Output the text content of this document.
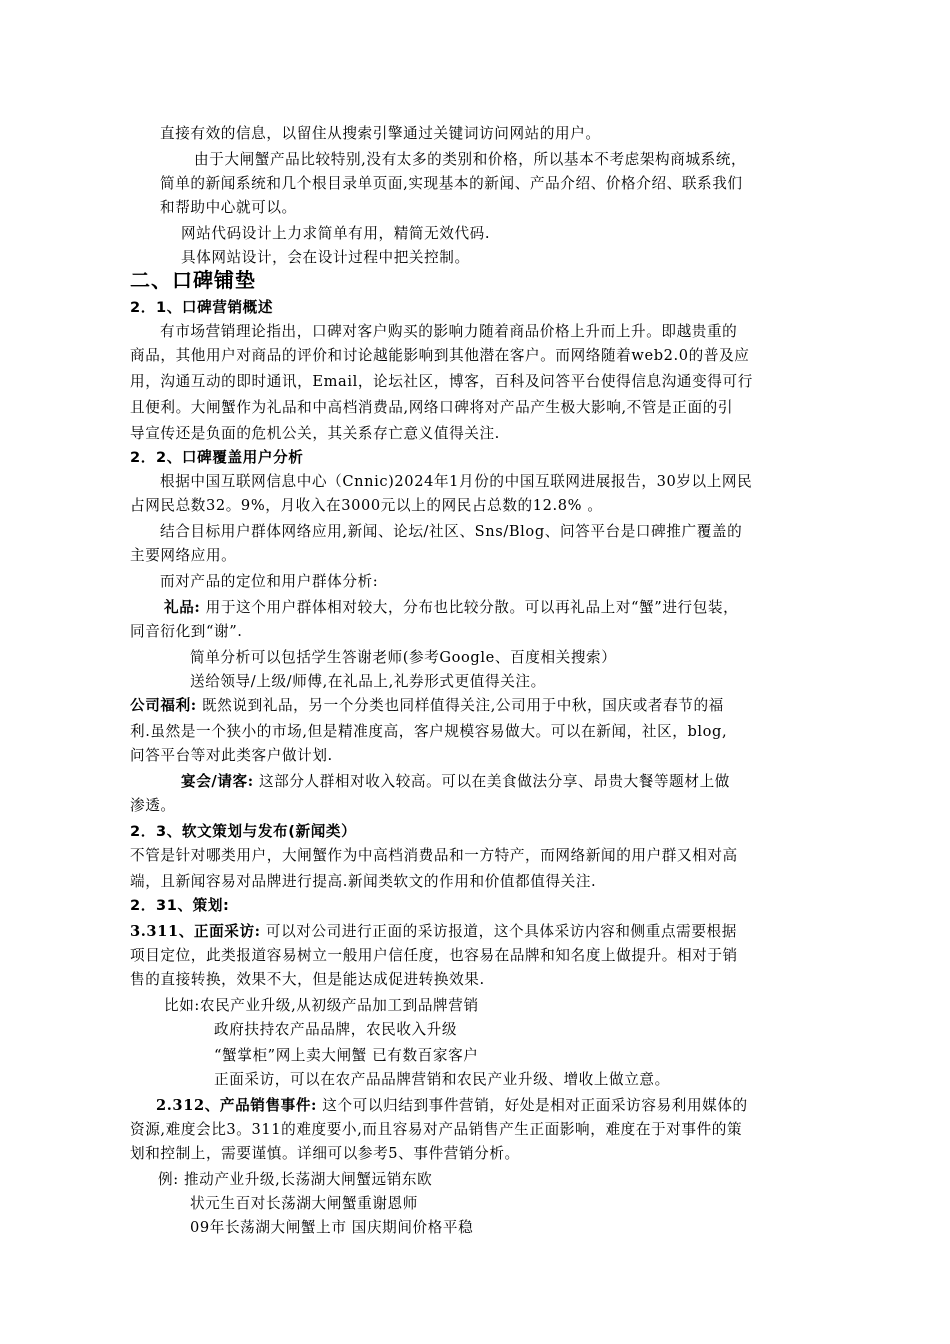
直接有效的信息，以留住从搜索引擎通过关键词访问网站的用户。
由于大闸蟹产品比较特别,没有太多的类别和价格，所以基本不考虑架构商城系统，
简单的新闻系统和几个根目录单页面,实现基本的新闻、产品介绍、价格介绍、联系我们
和帮助中心就可以。
网站代码设计上力求简单有用，精简无效代码.
具体网站设计，会在设计过程中把关控制。
二、口碑铺垫
2．1、口碑营销概述
有市场营销理论指出，口碑对客户购买的影响力随着商品价格上升而上升。即越贵重的
商品，其他用户对商品的评价和讨论越能影响到其他潜在客户。而网络随着web2.0的普及应
用，沟通互动的即时通讯，Email，论坛社区，博客，百科及问答平台使得信息沟通变得可行
且便利。大闸蟹作为礼品和中高档消费品,网络口碑将对产品产生极大影响,不管是正面的引
导宣传还是负面的危机公关，其关系存亡意义值得关注.
2．2、口碑覆盖用户分析
根据中国互联网信息中心（Cnnic)2024年1月份的中国互联网进展报告，30岁以上网民
占网民总数32。9%，月收入在3000元以上的网民占总数的12.8% 。
结合目标用户群体网络应用,新闻、论坛/社区、Sns/Blog、问答平台是口碑推广覆盖的
主要网络应用。
而对产品的定位和用户群体分析:
礼品: 用于这个用户群体相对较大，分布也比较分散。可以再礼品上对“蟹”进行包装，
同音衍化到“谢”.
简单分析可以包括学生答谢老师(参考Google、百度相关搜索）
送给领导/上级/师傅,在礼品上,礼券形式更值得关注。
公司福利: 既然说到礼品，另一个分类也同样值得关注,公司用于中秋，国庆或者春节的福
利.虽然是一个狭小的市场,但是精准度高，客户规模容易做大。可以在新闻，社区，blog,
问答平台等对此类客户做计划.
宴会/请客: 这部分人群相对收入较高。可以在美食做法分享、昂贵大餐等题材上做
渗透。
2．3、软文策划与发布(新闻类）
不管是针对哪类用户，大闸蟹作为中高档消费品和一方特产，而网络新闻的用户群又相对高
端，且新闻容易对品牌进行提高.新闻类软文的作用和价值都值得关注.
2．31、策划:
3.311、正面采访: 可以对公司进行正面的采访报道，这个具体采访内容和侧重点需要根据
项目定位，此类报道容易树立一般用户信任度，也容易在品牌和知名度上做提升。相对于销
售的直接转换，效果不大，但是能达成促进转换效果.
比如:农民产业升级,从初级产品加工到品牌营销
政府扶持农产品品牌，农民收入升级
“蟹掌柜”网上卖大闸蟹 已有数百家客户
正面采访，可以在农产品品牌营销和农民产业升级、增收上做立意。
2.312、产品销售事件: 这个可以归结到事件营销，好处是相对正面采访容易利用媒体的
资源,难度会比3。311的难度要小,而且容易对产品销售产生正面影响，难度在于对事件的策
划和控制上，需要谨慎。详细可以参考5、事件营销分析。
例: 推动产业升级,长荡湖大闸蟹远销东欧
状元生百对长荡湖大闸蟹重谢恩师
09年长荡湖大闸蟹上市 国庆期间价格平稳
